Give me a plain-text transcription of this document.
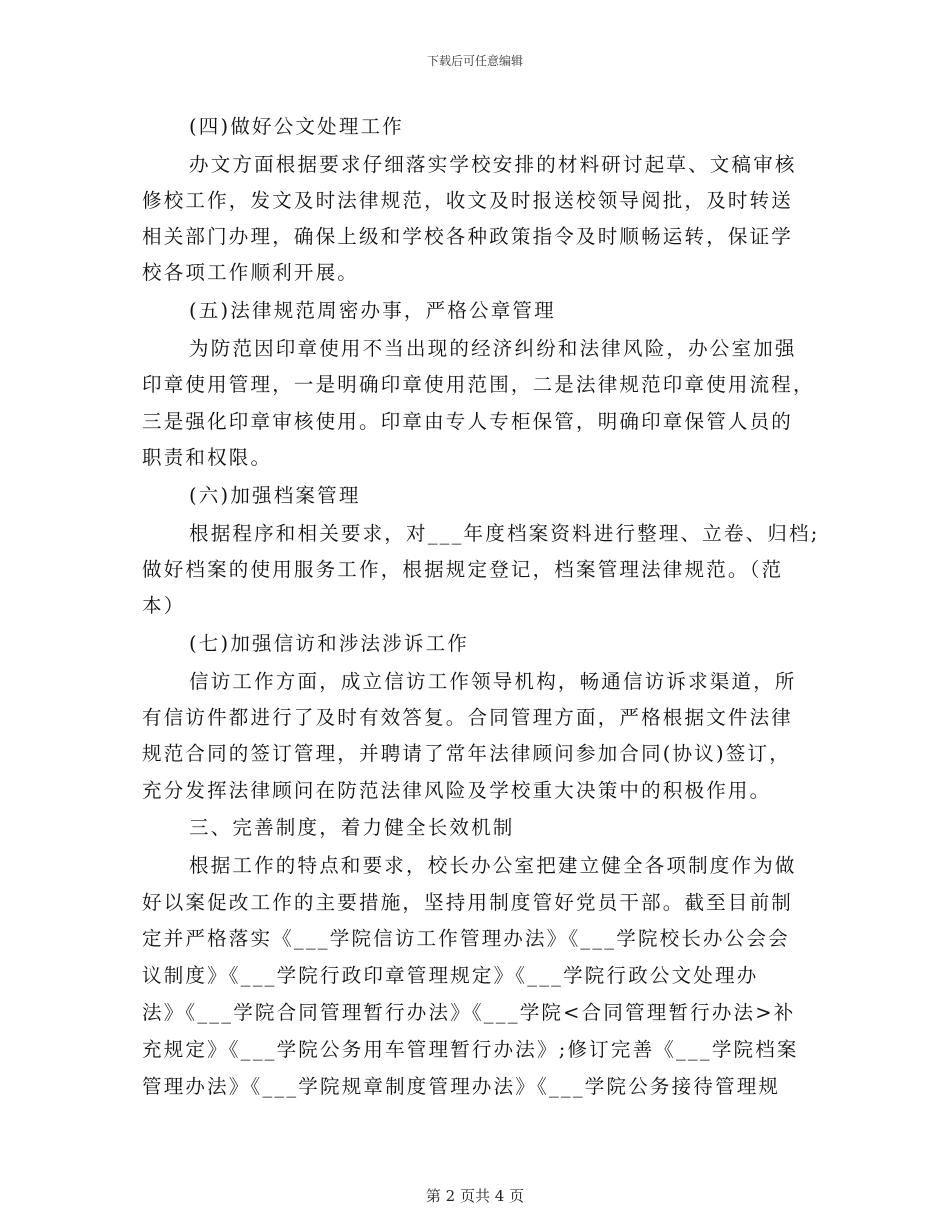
下载后可任意编辑
(四)做好公文处理工作
办文方面根据要求仔细落实学校安排的材料研讨起草、文稿审核
修校工作，发文及时法律规范，收文及时报送校领导阅批，及时转送
相关部门办理，确保上级和学校各种政策指令及时顺畅运转，保证学
校各项工作顺利开展。
(五)法律规范周密办事，严格公章管理
为防范因印章使用不当出现的经济纠纷和法律风险，办公室加强
印章使用管理，一是明确印章使用范围，二是法律规范印章使用流程，
三是强化印章审核使用。印章由专人专柜保管，明确印章保管人员的
职责和权限。
(六)加强档案管理
根据程序和相关要求，对___年度档案资料进行整理、立卷、归档;
做好档案的使用服务工作，根据规定登记，档案管理法律规范。（范
本）
(七)加强信访和涉法涉诉工作
信访工作方面，成立信访工作领导机构，畅通信访诉求渠道，所
有信访件都进行了及时有效答复。合同管理方面，严格根据文件法律
规范合同的签订管理，并聘请了常年法律顾问参加合同(协议)签订，
充分发挥法律顾问在防范法律风险及学校重大决策中的积极作用。
三、完善制度，着力健全长效机制
根据工作的特点和要求，校长办公室把建立健全各项制度作为做
好以案促改工作的主要措施，坚持用制度管好党员干部。截至目前制
定并严格落实《___学院信访工作管理办法》《___学院校长办公会会
议制度》《___学院行政印章管理规定》《___学院行政公文处理办
法》《___学院合同管理暂行办法》《___学院<合同管理暂行办法>补
充规定》《___学院公务用车管理暂行办法》;修订完善《___学院档案
管理办法》《___学院规章制度管理办法》《___学院公务接待管理规
第 2 页共 4 页
